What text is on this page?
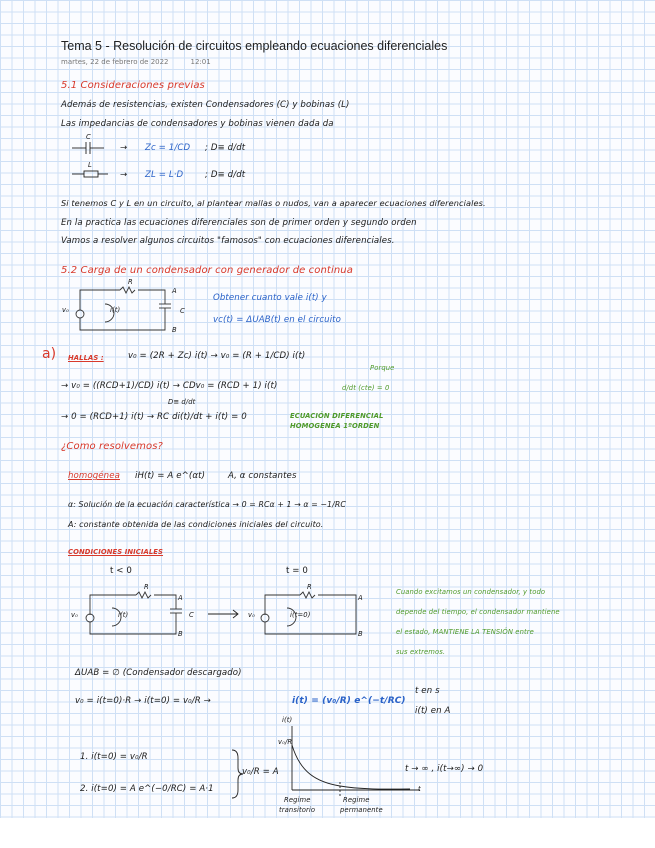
Tema 5 - Resolución de circuitos empleando ecuaciones diferenciales
martes, 22 de febrero de 2022	12:01
5.1 Consideraciones previas
Además de resistencias, existen Condensadores (C) y bobinas (L)
Las impedancias de condensadores y bobinas vienen dada da
C
→ Zc = 1/CD ; D≡ d/dt
L
→ ZL = L·D	; D≡ d/dt
Si tenemos C y L en un circuito, al plantear mallas o nudos, van a aparecer ecuaciones diferenciales.
En la practica las ecuaciones diferenciales son de primer orden y segundo orden
Vamos a resolver algunos circuitos "famosos" con ecuaciones diferenciales.
5.2 Carga de un condensador con generador de continua
R
A
B
C
v₀	i(t)
Obtener cuanto vale i(t) y
vc(t) = ΔUAB(t) en el circuito
a) HALLAS :	v₀ = (2R + Zc) i(t) → v₀ = (R + 1/CD) i(t)
→ v₀ = ((RCD+1)/CD) i(t) → CDv₀ = (RCD + 1) i(t)
Porque
d/dt (cte) = 0
D≡ d/dt
→ 0 = (RCD+1) i(t) → RC di(t)/dt + i(t) = 0	ECUACIÓN DIFERENCIAL
HOMOGENEA 1ºORDEN
¿Como resolvemos?
homogénea iH(t) = A e^(αt)	A, α constantes
α: Solución de la ecuación característica → 0 = RCα + 1 → α = −1/RC
A: constante obtenida de las condiciones iniciales del circuito.
CONDICIONES INICIALES
t < 0	t = 0
R
A
B
C
v₀	i(t)
R
A
B
v₀	i(t=0)
Cuando excitamos un condensador, y todo
depende del tiempo, el condensador mantiene
el estado, MANTIENE LA TENSIÓN entre
sus extremos.
ΔUAB = ∅ (Condensador descargado)
v₀ = i(t=0)·R → i(t=0) = v₀/R →	i(t) = (v₀/R) e^(−t/RC)
t en s
i(t) en A
1. i(t=0) = v₀/R
2. i(t=0) = A e^(−0/RC) = A·1
v₀/R = A	t → ∞ , i(t→∞) → 0
i(t)
v₀/R
t
Regime
transitorio
Regime
permanente
